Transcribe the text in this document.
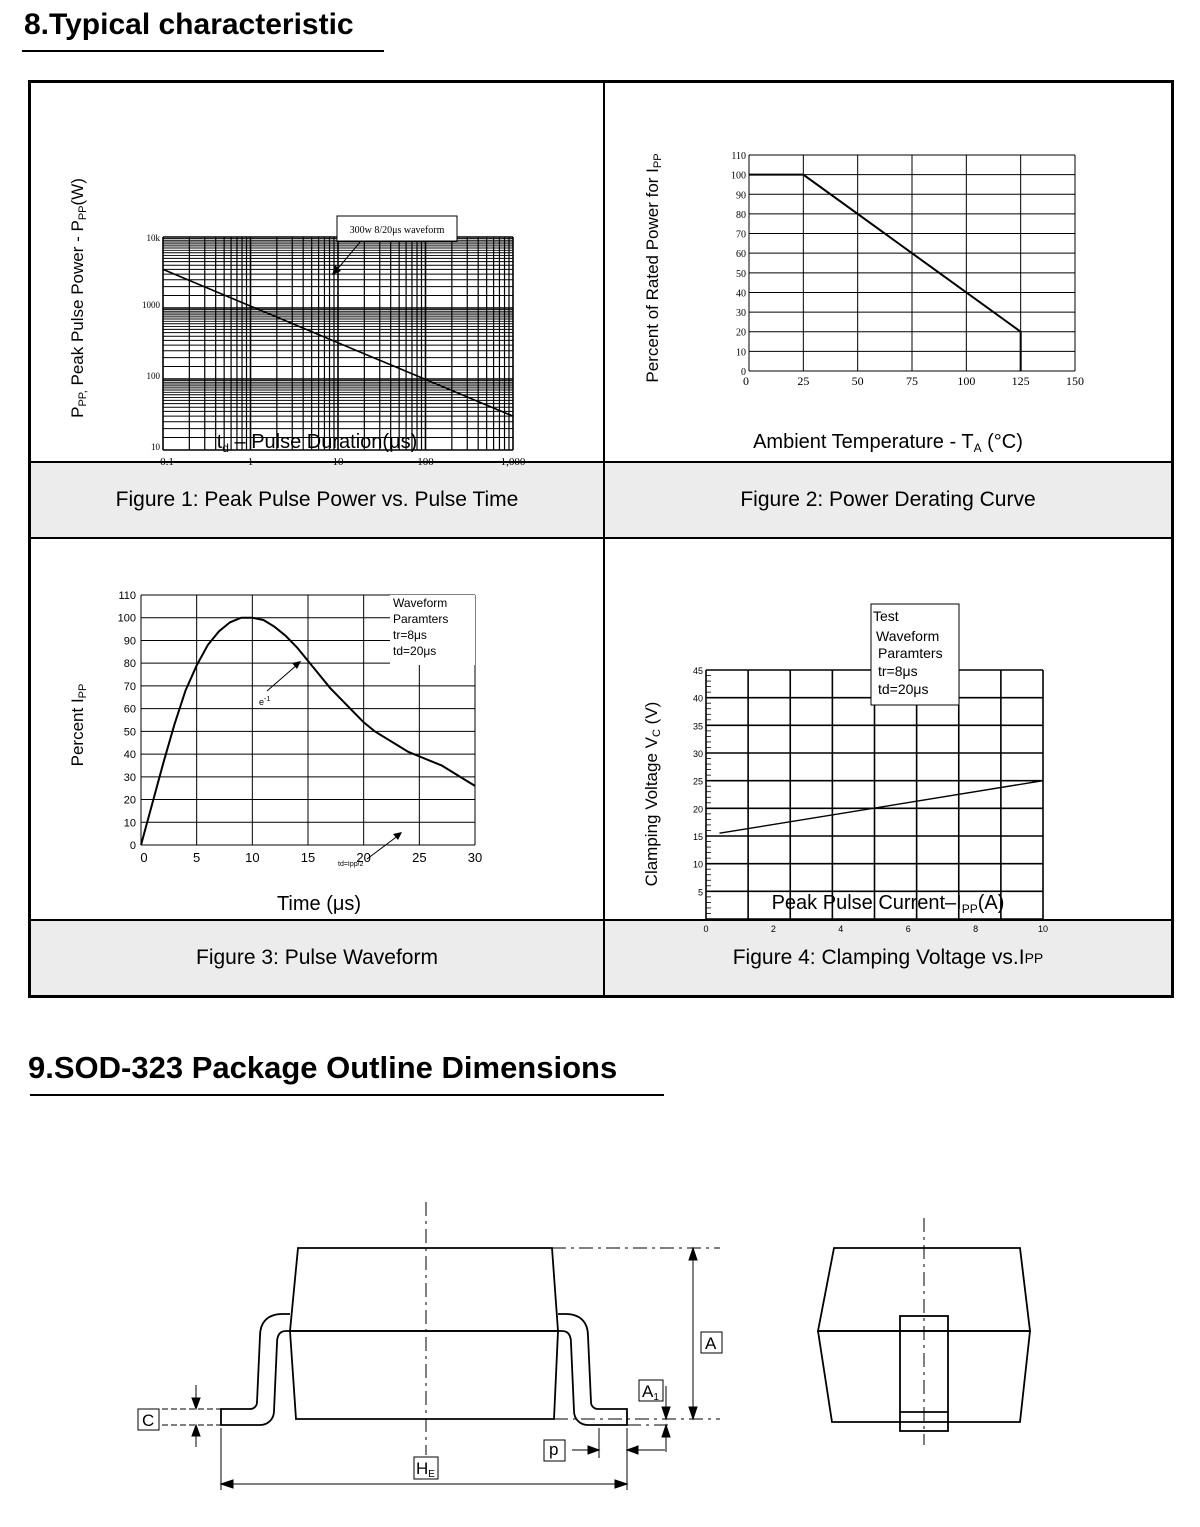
8.Typical characteristic
Figure 1: Peak Pulse Power vs. Pulse Time	Figure 2: Power Derating Curve
Figure 3: Pulse Waveform	Figure 4: Clamping Voltage vs.I PP
0.1	1	10	100	1,000
10k
1000
100
10
300w 8/20μs waveform
$t_d$ – Pulse Duration(μs)
PPP, Peak Pulse Power - PPP(W)
0	25	50	75	100	125	150
0
10
20
30
40
50
60
70
80
90
100
110
Ambient Temperature - $T_A$ (°C)
Percent of Rated Power for IPP
0	5	10	15	20	25	30
0
10
20
30
40
50
60
70
80
90
100
110	Waveform
Paramters
tr=8μs
td=20μs
$e^{-1}$
td=Ipp/2
Time (μs)
Percent IPP
0	2	4	6	8	10
5
10
15
20
25
30
35
40
45
Test
Waveform
Paramters
tr=8μs
td=20μs
Peak Pulse Current–$I_{PP}(A)$
Clamping Voltage VC (V)
9.SOD-323 Package Outline Dimensions
A
A1
C
p
HE
